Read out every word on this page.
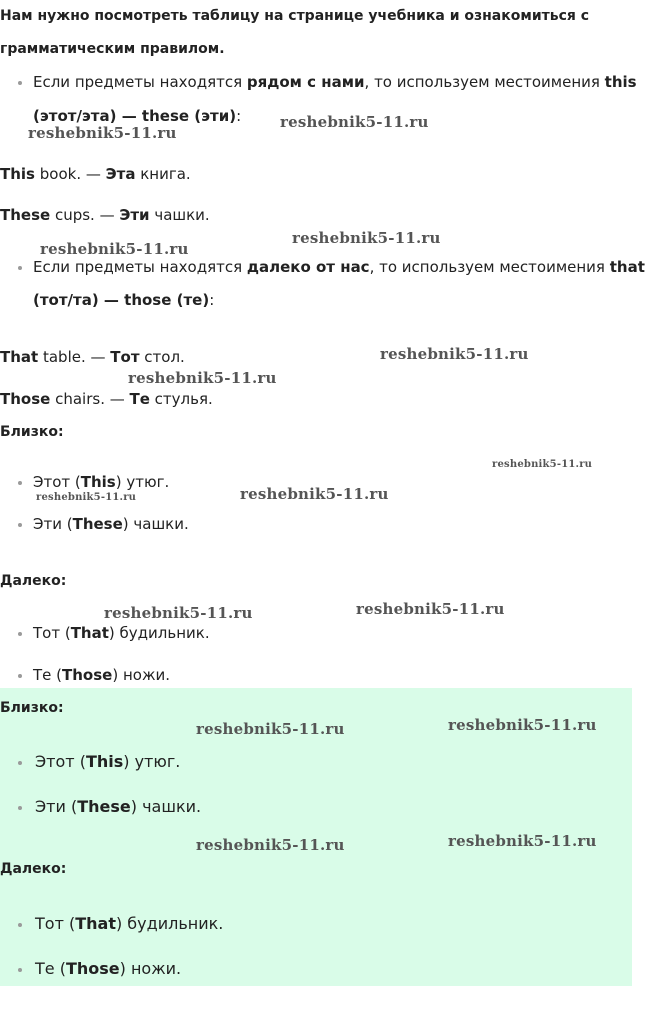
Нам нужно посмотреть таблицу на странице учебника и ознакомиться с
грамматическим правилом.
Если предметы находятся рядом с нами, то используем местоимения this
(этот/эта) — these (эти):
This book. — Эта книга.
These cups. — Эти чашки.
Если предметы находятся далеко от нас, то используем местоимения that
(тот/та) — those (те):
That table. — Тот стол.
Those chairs. — Те стулья.
Близко:
Этот (This) утюг.
Эти (These) чашки.
Далеко:
Тот (That) будильник.
Те (Those) ножи.
Близко:
Этот (This) утюг.
Эти (These) чашки.
Далеко:
Тот (That) будильник.
Те (Those) ножи.
reshebnik5-11.ru
reshebnik5-11.ru
reshebnik5-11.ru
reshebnik5-11.ru
reshebnik5-11.ru
reshebnik5-11.ru
reshebnik5-11.ru
reshebnik5-11.ru	reshebnik5-11.ru
reshebnik5-11.ru	reshebnik5-11.ru
reshebnik5-11.ru	reshebnik5-11.ru
reshebnik5-11.ru	reshebnik5-11.ru
